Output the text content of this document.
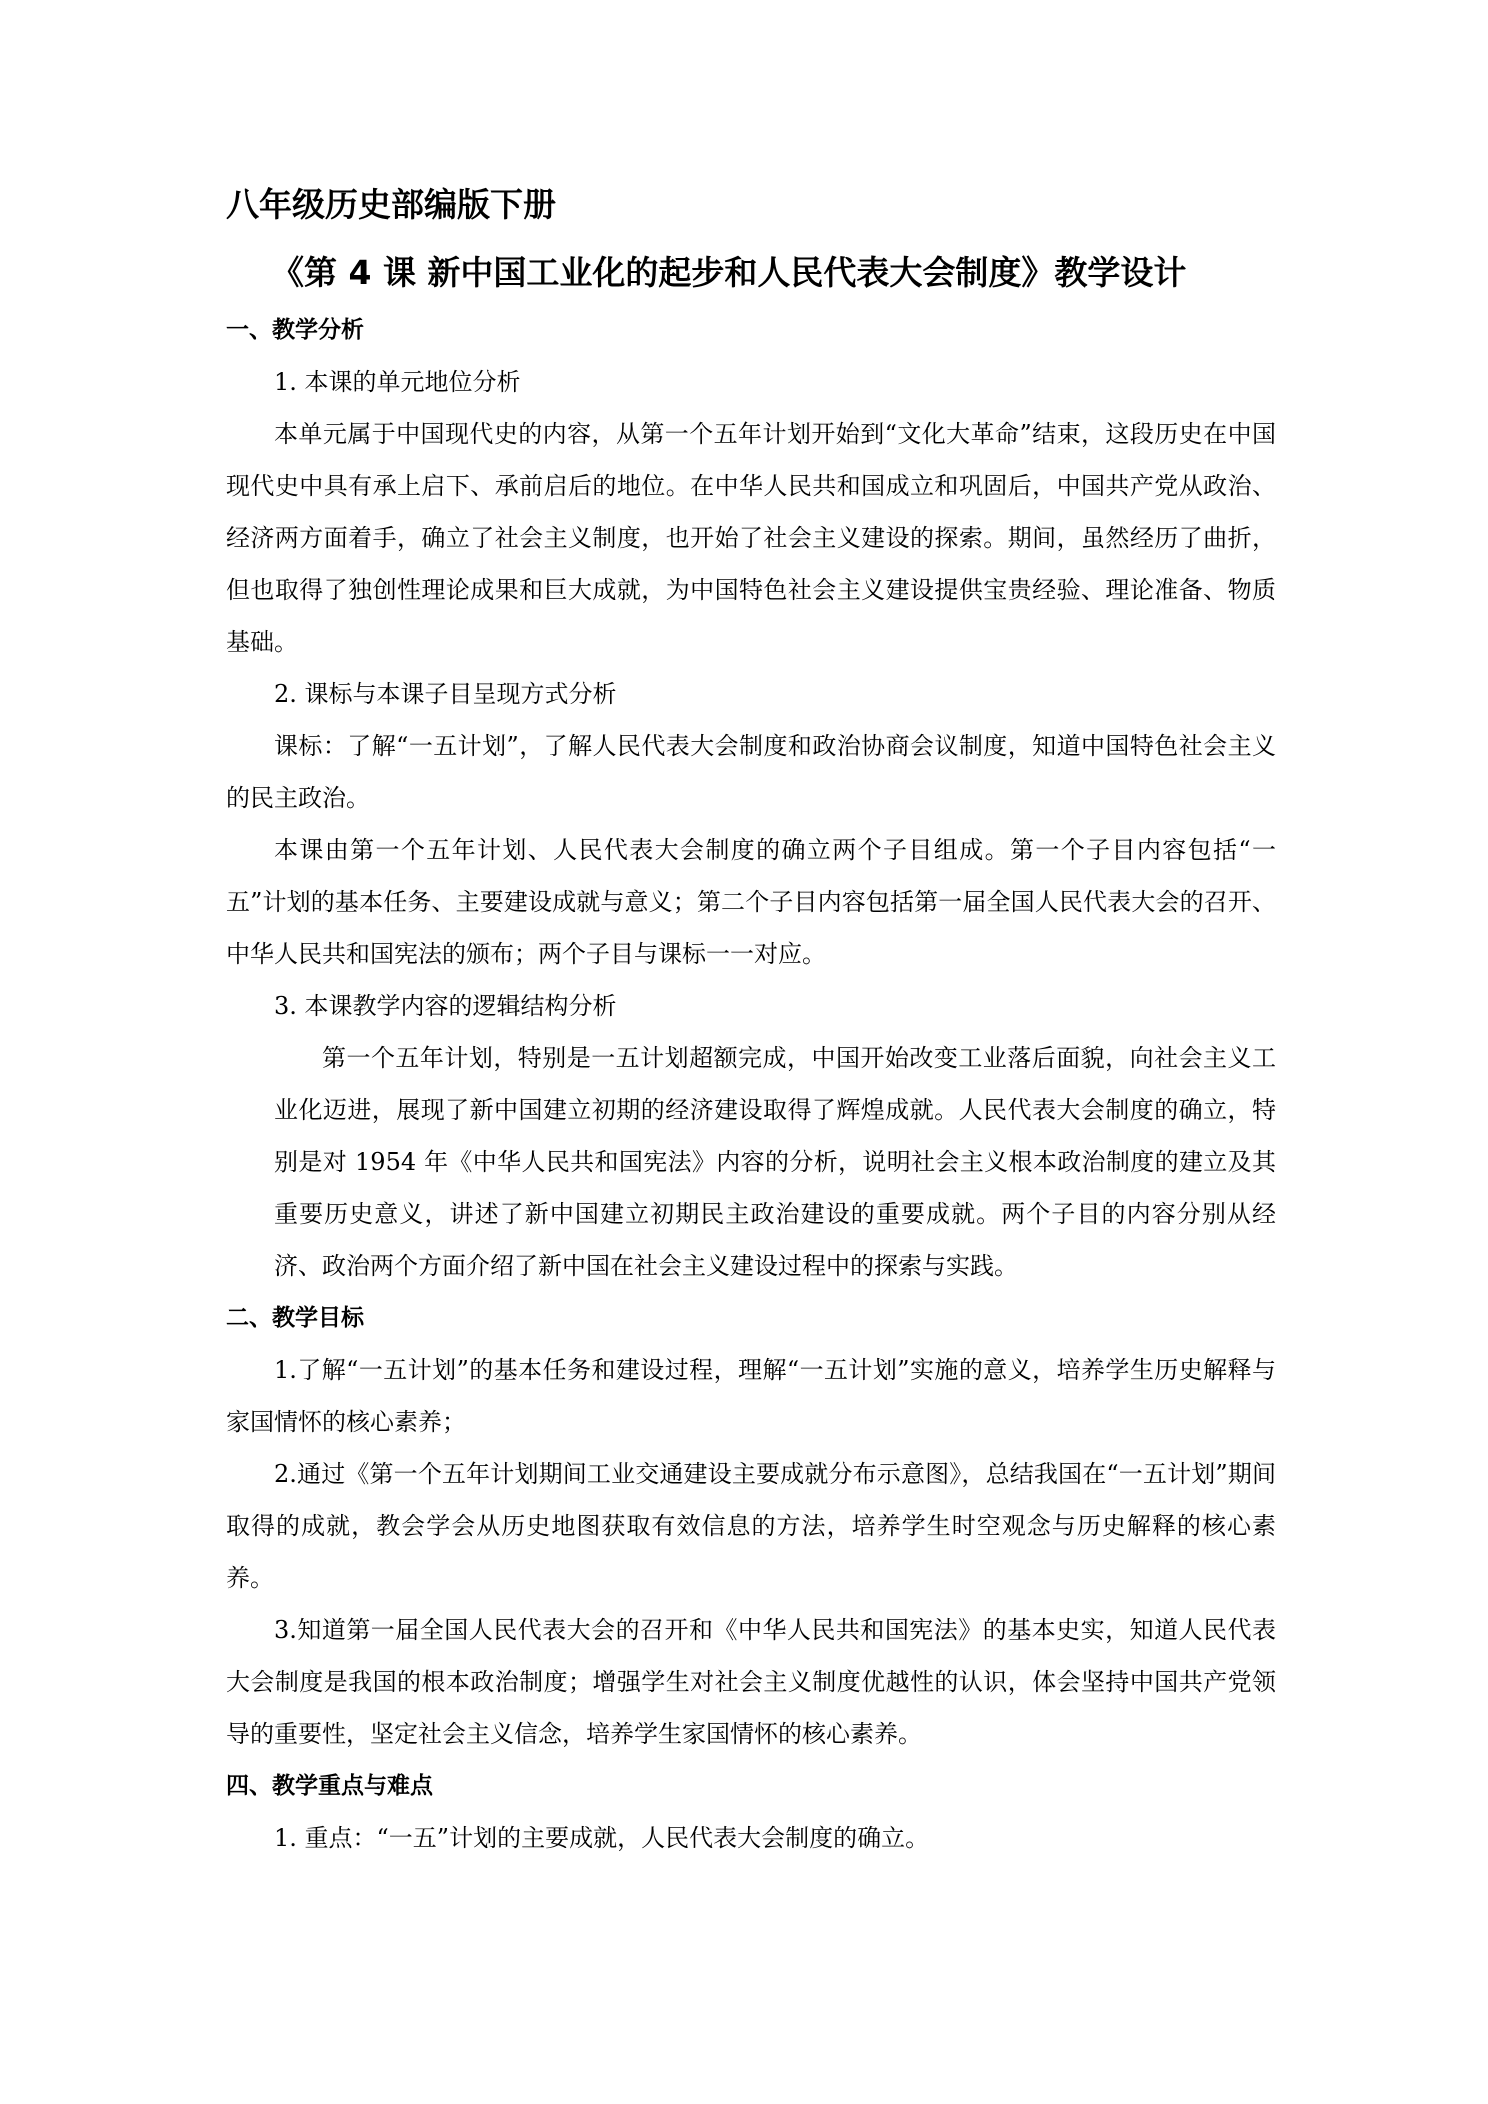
八年级历史部编版下册
《第 4 课 新中国工业化的起步和人民代表大会制度》教学设计
一、教学分析
1. 本课的单元地位分析

本单元属于中国现代史的内容，从第一个五年计划开始到“文化大革命”结束，这段历史在中国现代史中具有承上启下、承前启后的地位。在中华人民共和国成立和巩固后，中国共产党从政治、经济两方面着手，确立了社会主义制度，也开始了社会主义建设的探索。期间，虽然经历了曲折，但也取得了独创性理论成果和巨大成就，为中国特色社会主义建设提供宝贵经验、理论准备、物质基础。

2. 课标与本课子目呈现方式分析

课标：了解“一五计划”，了解人民代表大会制度和政治协商会议制度，知道中国特色社会主义的民主政治。

本课由第一个五年计划、人民代表大会制度的确立两个子目组成。第一个子目内容包括“一五”计划的基本任务、主要建设成就与意义；第二个子目内容包括第一届全国人民代表大会的召开、中华人民共和国宪法的颁布；两个子目与课标一一对应。

3. 本课教学内容的逻辑结构分析

第一个五年计划，特别是一五计划超额完成，中国开始改变工业落后面貌，向社会主义工业化迈进，展现了新中国建立初期的经济建设取得了辉煌成就。人民代表大会制度的确立，特别是对 1954 年《中华人民共和国宪法》内容的分析，说明社会主义根本政治制度的建立及其重要历史意义，讲述了新中国建立初期民主政治建设的重要成就。两个子目的内容分别从经济、政治两个方面介绍了新中国在社会主义建设过程中的探索与实践。

二、教学目标

1.了解“一五计划”的基本任务和建设过程，理解“一五计划”实施的意义，培养学生历史解释与家国情怀的核心素养；

2.通过《第一个五年计划期间工业交通建设主要成就分布示意图》，总结我国在“一五计划”期间取得的成就，教会学会从历史地图获取有效信息的方法，培养学生时空观念与历史解释的核心素养。

3.知道第一届全国人民代表大会的召开和《中华人民共和国宪法》的基本史实，知道人民代表大会制度是我国的根本政治制度；增强学生对社会主义制度优越性的认识，体会坚持中国共产党领导的重要性，坚定社会主义信念，培养学生家国情怀的核心素养。

四、教学重点与难点
1. 重点：“一五”计划的主要成就，人民代表大会制度的确立。
